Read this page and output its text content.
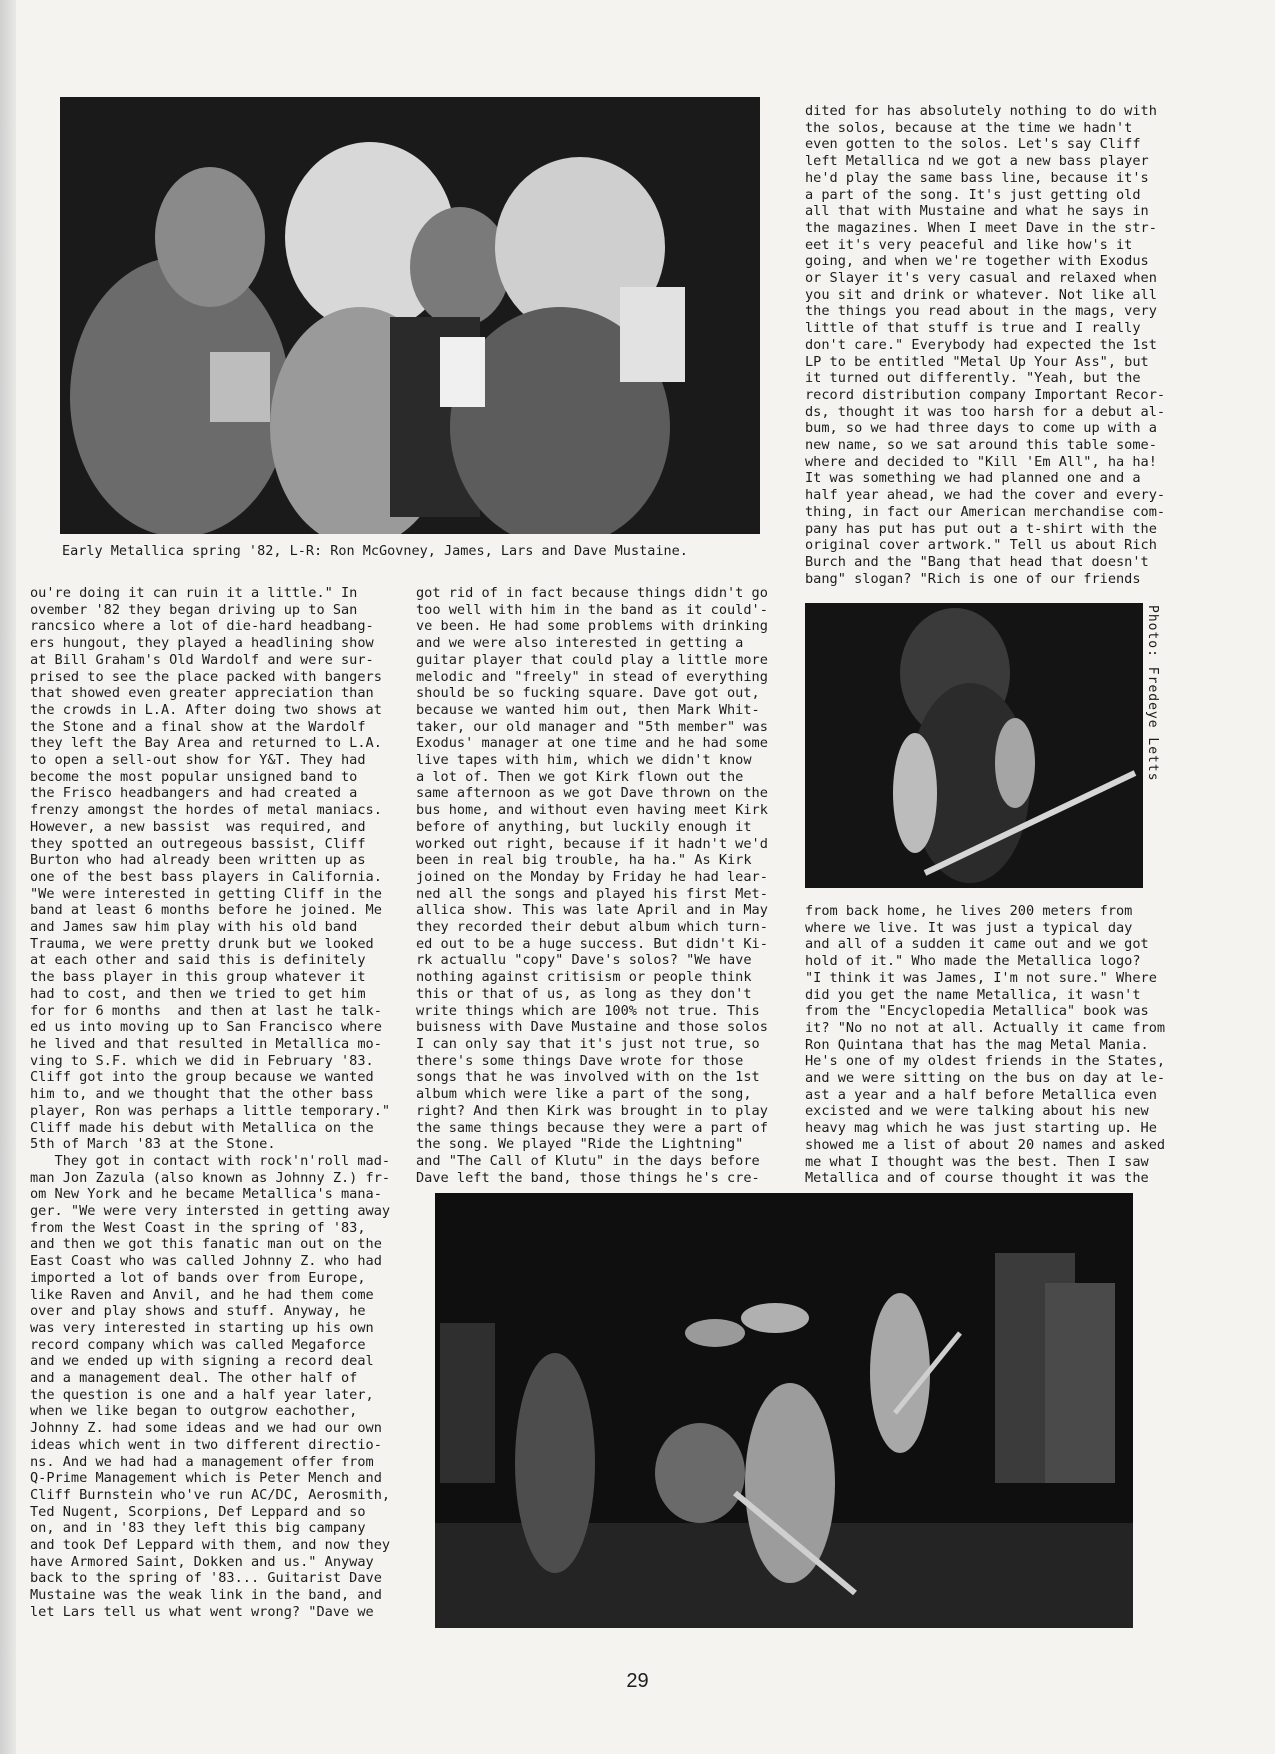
Early Metallica spring '82, L-R: Ron McGovney, James, Lars and Dave Mustaine.
Photo: Fredeye Letts
ou're doing it can ruin it a little." In
ovember '82 they began driving up to San
rancsico where a lot of die-hard headbang-
ers hungout, they played a headlining show
at Bill Graham's Old Wardolf and were sur-
prised to see the place packed with bangers
that showed even greater appreciation than
the crowds in L.A. After doing two shows at
the Stone and a final show at the Wardolf
they left the Bay Area and returned to L.A.
to open a sell-out show for Y&T. They had
become the most popular unsigned band to
the Frisco headbangers and had created a
frenzy amongst the hordes of metal maniacs.
However, a new bassist  was required, and
they spotted an outregeous bassist, Cliff
Burton who had already been written up as
one of the best bass players in California.
"We were interested in getting Cliff in the
band at least 6 months before he joined. Me
and James saw him play with his old band
Trauma, we were pretty drunk but we looked
at each other and said this is definitely
the bass player in this group whatever it
had to cost, and then we tried to get him
for for 6 months  and then at last he talk-
ed us into moving up to San Francisco where
he lived and that resulted in Metallica mo-
ving to S.F. which we did in February '83.
Cliff got into the group because we wanted
him to, and we thought that the other bass
player, Ron was perhaps a little temporary."
Cliff made his debut with Metallica on the
5th of March '83 at the Stone.
They got in contact with rock'n'roll mad-
man Jon Zazula (also known as Johnny Z.) fr-
om New York and he became Metallica's mana-
ger. "We were very intersted in getting away
from the West Coast in the spring of '83,
and then we got this fanatic man out on the
East Coast who was called Johnny Z. who had
imported a lot of bands over from Europe,
like Raven and Anvil, and he had them come
over and play shows and stuff. Anyway, he
was very interested in starting up his own
record company which was called Megaforce
and we ended up with signing a record deal
and a management deal. The other half of
the question is one and a half year later,
when we like began to outgrow eachother,
Johnny Z. had some ideas and we had our own
ideas which went in two different directio-
ns. And we had had a management offer from
Q-Prime Management which is Peter Mench and
Cliff Burnstein who've run AC/DC, Aerosmith,
Ted Nugent, Scorpions, Def Leppard and so
on, and in '83 they left this big campany
and took Def Leppard with them, and now they
have Armored Saint, Dokken and us." Anyway
back to the spring of '83... Guitarist Dave
Mustaine was the weak link in the band, and
let Lars tell us what went wrong? "Dave we
got rid of in fact because things didn't go
too well with him in the band as it could'-
ve been. He had some problems with drinking
and we were also interested in getting a
guitar player that could play a little more
melodic and "freely" in stead of everything
should be so fucking square. Dave got out,
because we wanted him out, then Mark Whit-
taker, our old manager and "5th member" was
Exodus' manager at one time and he had some
live tapes with him, which we didn't know
a lot of. Then we got Kirk flown out the
same afternoon as we got Dave thrown on the
bus home, and without even having meet Kirk
before of anything, but luckily enough it
worked out right, because if it hadn't we'd
been in real big trouble, ha ha." As Kirk
joined on the Monday by Friday he had lear-
ned all the songs and played his first Met-
allica show. This was late April and in May
they recorded their debut album which turn-
ed out to be a huge success. But didn't Ki-
rk actuallu "copy" Dave's solos? "We have
nothing against critisism or people think
this or that of us, as long as they don't
write things which are 100% not true. This
buisness with Dave Mustaine and those solos
I can only say that it's just not true, so
there's some things Dave wrote for those
songs that he was involved with on the 1st
album which were like a part of the song,
right? And then Kirk was brought in to play
the same things because they were a part of
the song. We played "Ride the Lightning"
and "The Call of Klutu" in the days before
Dave left the band, those things he's cre-
dited for has absolutely nothing to do with
the solos, because at the time we hadn't
even gotten to the solos. Let's say Cliff
left Metallica nd we got a new bass player
he'd play the same bass line, because it's
a part of the song. It's just getting old
all that with Mustaine and what he says in
the magazines. When I meet Dave in the str-
eet it's very peaceful and like how's it
going, and when we're together with Exodus
or Slayer it's very casual and relaxed when
you sit and drink or whatever. Not like all
the things you read about in the mags, very
little of that stuff is true and I really
don't care." Everybody had expected the 1st
LP to be entitled "Metal Up Your Ass", but
it turned out differently. "Yeah, but the
record distribution company Important Recor-
ds, thought it was too harsh for a debut al-
bum, so we had three days to come up with a
new name, so we sat around this table some-
where and decided to "Kill 'Em All", ha ha!
It was something we had planned one and a
half year ahead, we had the cover and every-
thing, in fact our American merchandise com-
pany has put has put out a t-shirt with the
original cover artwork." Tell us about Rich
Burch and the "Bang that head that doesn't
bang" slogan? "Rich is one of our friends
from back home, he lives 200 meters from
where we live. It was just a typical day
and all of a sudden it came out and we got
hold of it." Who made the Metallica logo?
"I think it was James, I'm not sure." Where
did you get the name Metallica, it wasn't
from the "Encyclopedia Metallica" book was
it? "No no not at all. Actually it came from
Ron Quintana that has the mag Metal Mania.
He's one of my oldest friends in the States,
and we were sitting on the bus on day at le-
ast a year and a half before Metallica even
excisted and we were talking about his new
heavy mag which he was just starting up. He
showed me a list of about 20 names and asked
me what I thought was the best. Then I saw
Metallica and of course thought it was the
29
